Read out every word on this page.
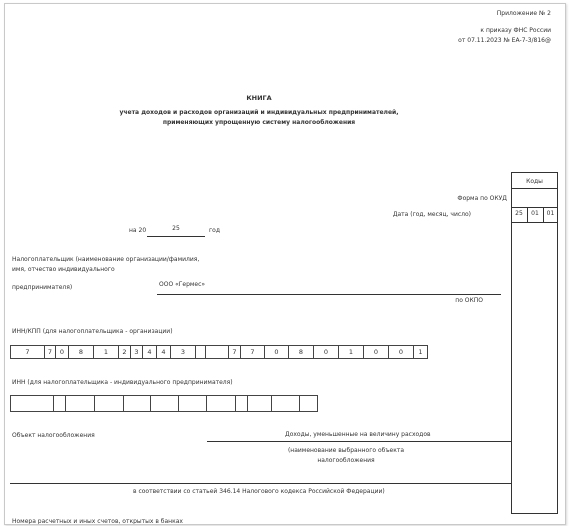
Приложение № 2
к приказу ФНС России
от 07.11.2023 № ЕА-7-3/816@
КНИГА
учета доходов и расходов организаций и индивидуальных предпринимателей,
применяющих упрощенную систему налогообложения
Коды
25	01	01
Форма по ОКУД
Дата (год, месяц, число)
на 20	25	год
Налогоплательщик (наименование организации/фамилия,
имя, отчество индивидуального
предпринимателя)	ООО «Гермес»
по ОКПО
ИНН/КПП (для налогоплательщика - организации)
7	7	0	8	1	2	3	4	4	3	7	7	0	8	0	1	0	0	1
ИНН (для налогоплательщика - индивидуального предпринимателя)
Объект налогообложения	Доходы, уменьшенные на величину расходов
(наименование выбранного объекта
налогообложения
в соответствии со статьей 346.14 Налогового кодекса Российской Федерации)
Номера расчетных и иных счетов, открытых в банках
